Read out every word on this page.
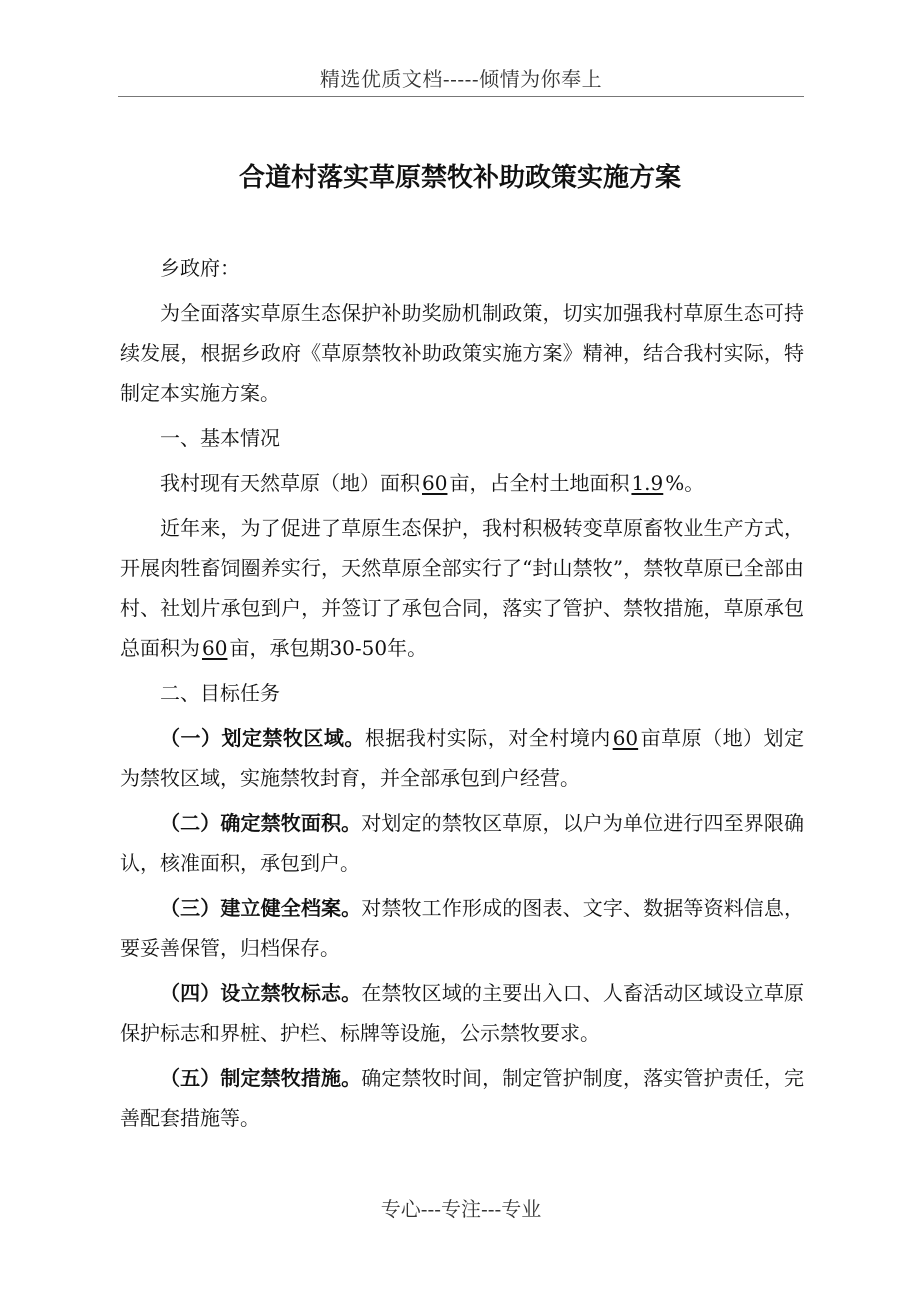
精选优质文档-----倾情为你奉上
合道村落实草原禁牧补助政策实施方案

乡政府：

为全面落实草原生态保护补助奖励机制政策，切实加强我村草原生态可持续发展，根据乡政府《草原禁牧补助政策实施方案》精神，结合我村实际，特制定本实施方案。

一、基本情况

我村现有天然草原（地）面积 60 亩，占全村土地面积 1.9 %。

近年来，为了促进了草原生态保护，我村积极转变草原畜牧业生产方式，开展肉牲畜饲圈养实行，天然草原全部实行了“封山禁牧”，禁牧草原已全部由村、社划片承包到户，并签订了承包合同，落实了管护、禁牧措施，草原承包总面积为 60 亩，承包期30-50年。

二、目标任务

（一）划定禁牧区域。根据我村实际，对全村境内 60 亩草原（地）划定为禁牧区域，实施禁牧封育，并全部承包到户经营。

（二）确定禁牧面积。对划定的禁牧区草原，以户为单位进行四至界限确认，核准面积，承包到户。

（三）建立健全档案。对禁牧工作形成的图表、文字、数据等资料信息，要妥善保管，归档保存。

（四）设立禁牧标志。在禁牧区域的主要出入口、人畜活动区域设立草原保护标志和界桩、护栏、标牌等设施，公示禁牧要求。

（五）制定禁牧措施。确定禁牧时间，制定管护制度，落实管护责任，完善配套措施等。

专心---专注---专业
